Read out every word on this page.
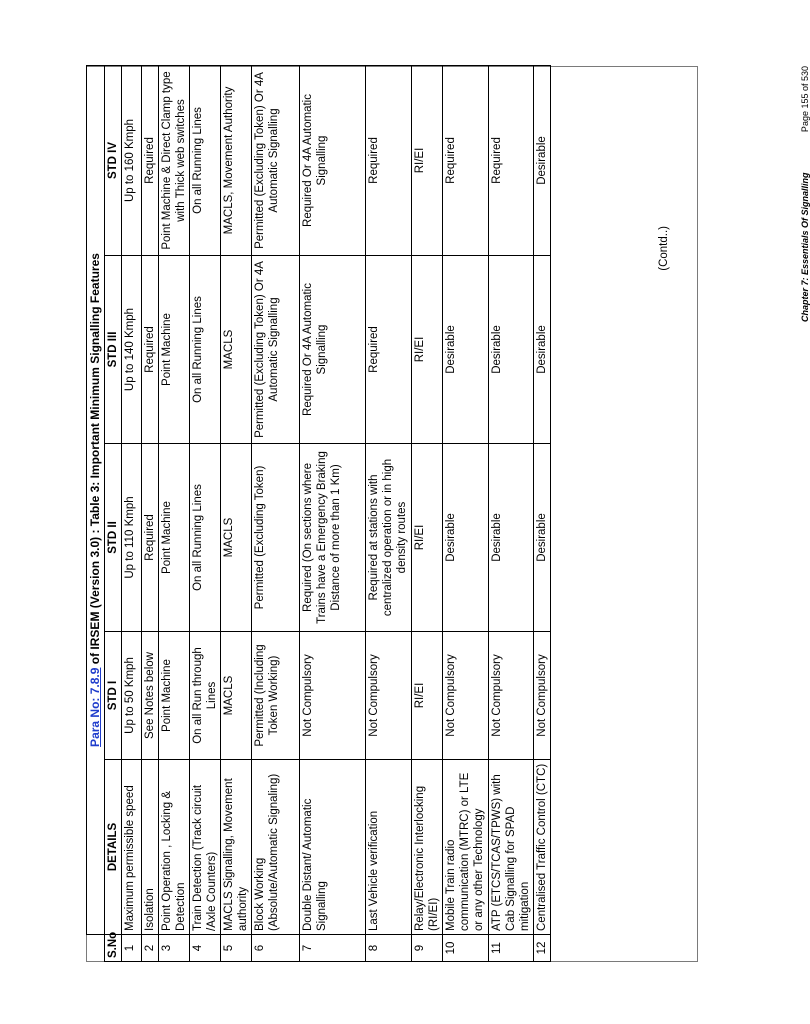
	Para No: 7.8.9 of IRSEM (Version 3.0) : Table 3: Important Minimum Signalling Features				
S.No	DETAILS	STD I	STD II	STD III	STD IV
1	Maximum permissible speed	Up to 50 Kmph	Up to 110 Kmph	Up to 140 Kmph	Up to 160 Kmph
2	Isolation	See Notes below	Required	Required	Required
3	Point Operation , Locking & Detection	Point Machine	Point Machine	Point Machine	Point Machine & Direct Clamp type with Thick web switches
4	Train Detection (Track circuit /Axle Counters)	On all Run through Lines	On all Running Lines	On all Running Lines	On all Running Lines
5	MACLS Signalling, Movement authority	MACLS	MACLS	MACLS	MACLS, Movement Authority
6	Block Working (Absolute/Automatic Signaling)	Permitted (Including Token Working)	Permitted (Excluding Token)	Permitted (Excluding Token) Or 4A Automatic Signalling	Permitted (Excluding Token) Or 4A Automatic Signalling
7	Double Distant/ Automatic Signalling	Not Compulsory	Required (On sections where Trains have a Emergency Braking Distance of more than 1 Km)	Required Or 4A Automatic Signalling	Required Or 4A Automatic Signalling
8	Last Vehicle verification	Not Compulsory	Required at stations with centralized operation or in high density routes	Required	Required
9	Relay/Electronic Interlocking (RI/EI)	RI/EI	RI/EI	RI/EI	RI/EI
10	Mobile Train radio communication (MTRC) or LTE or any other Technology	Not Compulsory	Desirable	Desirable	Required
11	ATP (ETCS/TCAS/TPWS) with Cab Signalling for SPAD mitigation	Not Compulsory	Desirable	Desirable	Required
12	Centralised Traffic Control (CTC)	Not Compulsory	Desirable	Desirable	Desirable
(Contd..)	Chapter 7: Essentials Of Signalling
Page 155 of 530
